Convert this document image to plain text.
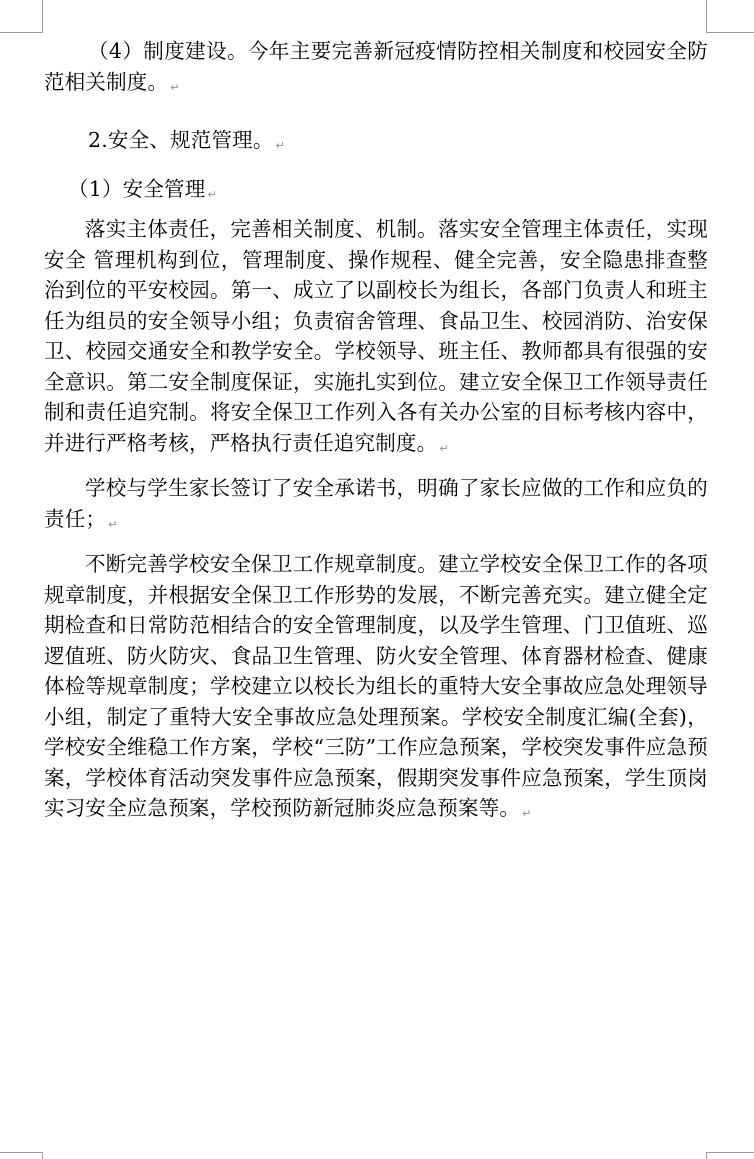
（4）制度建设。今年主要完善新冠疫情防控相关制度和校园安全防范相关制度。 ↵

2.安全、规范管理。 ↵

（1）安全管理 ↵

落实主体责任，完善相关制度、机制。落实安全管理主体责任，实现安全 管理机构到位，管理制度、操作规程、健全完善，安全隐患排查整治到位的平安校园。第一、成立了以副校长为组长，各部门负责人和班主任为组员的安全领导小组；负责宿舍管理、食品卫生、校园消防、治安保卫、校园交通安全和教学安全。学校领导、班主任、教师都具有很强的安全意识。第二安全制度保证，实施扎实到位。建立安全保卫工作领导责任制和责任追究制。将安全保卫工作列入各有关办公室的目标考核内容中，并进行严格考核，严格执行责任追究制度。 ↵

学校与学生家长签订了安全承诺书，明确了家长应做的工作和应负的责任； ↵

不断完善学校安全保卫工作规章制度。建立学校安全保卫工作的各项规章制度，并根据安全保卫工作形势的发展，不断完善充实。建立健全定期检查和日常防范相结合的安全管理制度，以及学生管理、门卫值班、巡逻值班、防火防灾、食品卫生管理、防火安全管理、体育器材检查、健康体检等规章制度；学校建立以校长为组长的重特大安全事故应急处理领导小组，制定了重特大安全事故应急处理预案。学校安全制度汇编(全套)，学校安全维稳工作方案，学校“三防”工作应急预案，学校突发事件应急预案，学校体育活动突发事件应急预案，假期突发事件应急预案，学生顶岗实习安全应急预案，学校预防新冠肺炎应急预案等。 ↵
